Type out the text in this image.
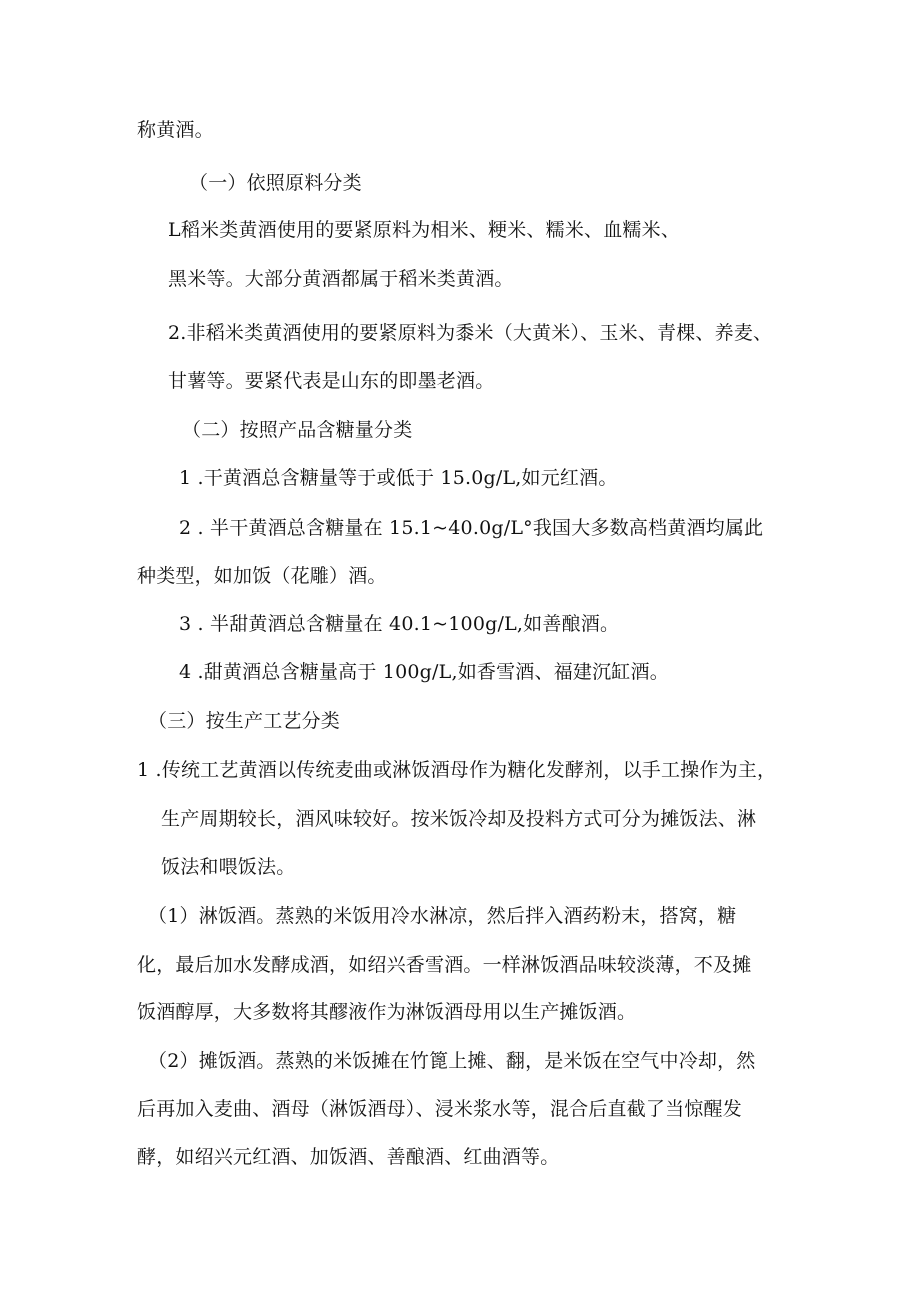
称黄酒。
（一）依照原料分类
L稻米类黄酒使用的要紧原料为相米、粳米、糯米、血糯米、
黑米等。大部分黄酒都属于稻米类黄酒。
2.非稻米类黄酒使用的要紧原料为黍米（大黄米）、玉米、青棵、养麦、
甘薯等。要紧代表是山东的即墨老酒。
（二）按照产品含糖量分类
1 .干黄酒总含糖量等于或低于 15.0g∕L,如元红酒。
2 . 半干黄酒总含糖量在 15.1~40.0g∕L°我国大多数高档黄酒均属此
种类型，如加饭（花雕）酒。
3 . 半甜黄酒总含糖量在 40.1~100g∕L,如善酿酒。
4 .甜黄酒总含糖量高于 100g∕L,如香雪酒、福建沉缸酒。
（三）按生产工艺分类
1 .传统工艺黄酒以传统麦曲或淋饭酒母作为糖化发酵剂，以手工操作为主，
生产周期较长，酒风味较好。按米饭冷却及投料方式可分为摊饭法、淋
饭法和喂饭法。
（1）淋饭酒。蒸熟的米饭用冷水淋凉，然后拌入酒药粉末，搭窝，糖
化，最后加水发酵成酒，如绍兴香雪酒。一样淋饭酒品味较淡薄，不及摊
饭酒醇厚，大多数将其醪液作为淋饭酒母用以生产摊饭酒。
（2）摊饭酒。蒸熟的米饭摊在竹篦上摊、翻，是米饭在空气中冷却，然
后再加入麦曲、酒母（淋饭酒母）、浸米浆水等，混合后直截了当惊醒发
酵，如绍兴元红酒、加饭酒、善酿酒、红曲酒等。
